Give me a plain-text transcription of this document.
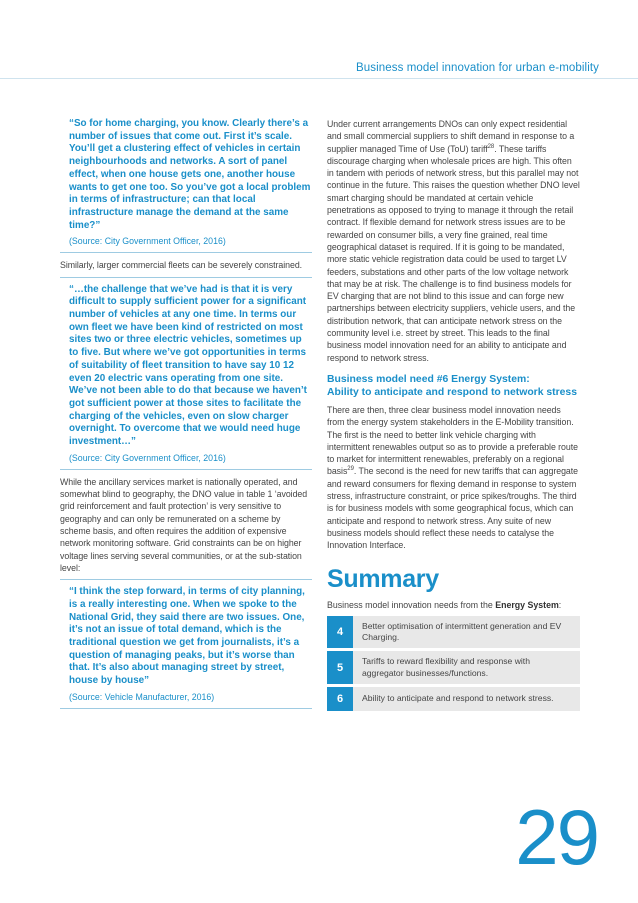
Business model innovation for urban e-mobility

“So for home charging, you know. Clearly there’s a number of issues that come out. First it’s scale. You’ll get a clustering effect of vehicles in certain neighbourhoods and networks. A sort of panel effect, when one house gets one, another house wants to get one too. So you’ve got a local problem in terms of infrastructure; can that local infrastructure manage the demand at the same time?”

(Source: City Government Officer, 2016)

Similarly, larger commercial fleets can be severely constrained.

“…the challenge that we’ve had is that it is very difficult to supply sufficient power for a significant number of vehicles at any one time. In terms our own fleet we have been kind of restricted on most sites two or three electric vehicles, sometimes up to five. But where we’ve got opportunities in terms of suitability of fleet transition to have say 10 12 even 20 electric vans operating from one site. We’ve not been able to do that because we haven’t got sufficient power at those sites to facilitate the charging of the vehicles, even on slow charger overnight. To overcome that we would need huge investment…”

(Source: City Government Officer, 2016)

While the ancillary services market is nationally operated, and somewhat blind to geography, the DNO value in table 1 ‘avoided grid reinforcement and fault protection’ is very sensitive to geography and can only be remunerated on a scheme by scheme basis, and often requires the addition of expensive network monitoring software. Grid constraints can be on higher voltage lines serving several communities, or at the sub-station level:

“I think the step forward, in terms of city planning, is a really interesting one. When we spoke to the National Grid, they said there are two issues. One, it’s not an issue of total demand, which is the traditional question we get from journalists, it’s a question of managing peaks, but it’s worse than that. It’s also about managing street by street, house by house”

(Source: Vehicle Manufacturer, 2016)

Under current arrangements DNOs can only expect residential and small commercial suppliers to shift demand in response to a supplier managed Time of Use (ToU) tariff$^{28}$. These tariffs discourage charging when wholesale prices are high. This often in tandem with periods of network stress, but this parallel may not continue in the future. This raises the question whether DNO level smart charging should be mandated at certain vehicle penetrations as opposed to trying to manage it through the retail contract. If flexible demand for network stress issues are to be rewarded on consumer bills, a very fine grained, real time geographical dataset is required. If it is going to be mandated, more static vehicle registration data could be used to target LV feeders, substations and other parts of the low voltage network that may be at risk. The challenge is to find business models for EV charging that are not blind to this issue and can forge new partnerships between electricity suppliers, vehicle users, and the distribution network, that can anticipate network stress on the community level i.e. street by street. This leads to the final business model innovation need for an ability to anticipate and respond to network stress.

Business model need #6 Energy System:
Ability to anticipate and respond to network stress

There are then, three clear business model innovation needs from the energy system stakeholders in the E-Mobility transition. The first is the need to better link vehicle charging with intermittent renewables output so as to provide a preferable route to market for intermittent renewables, preferably on a regional basis$^{29}$. The second is the need for new tariffs that can aggregate and reward consumers for flexing demand in response to system stress, infrastructure constraint, or price spikes/troughs. The third is for business models with some geographical focus, which can anticipate and respond to network stress. Any suite of new business models should reflect these needs to catalyse the Innovation Interface.

Summary

Business model innovation needs from the Energy System:

4
Better optimisation of intermittent generation and EV Charging.
5
Tariffs to reward flexibility and response with aggregator businesses/functions.
6	Ability to anticipate and respond to network stress.
29
